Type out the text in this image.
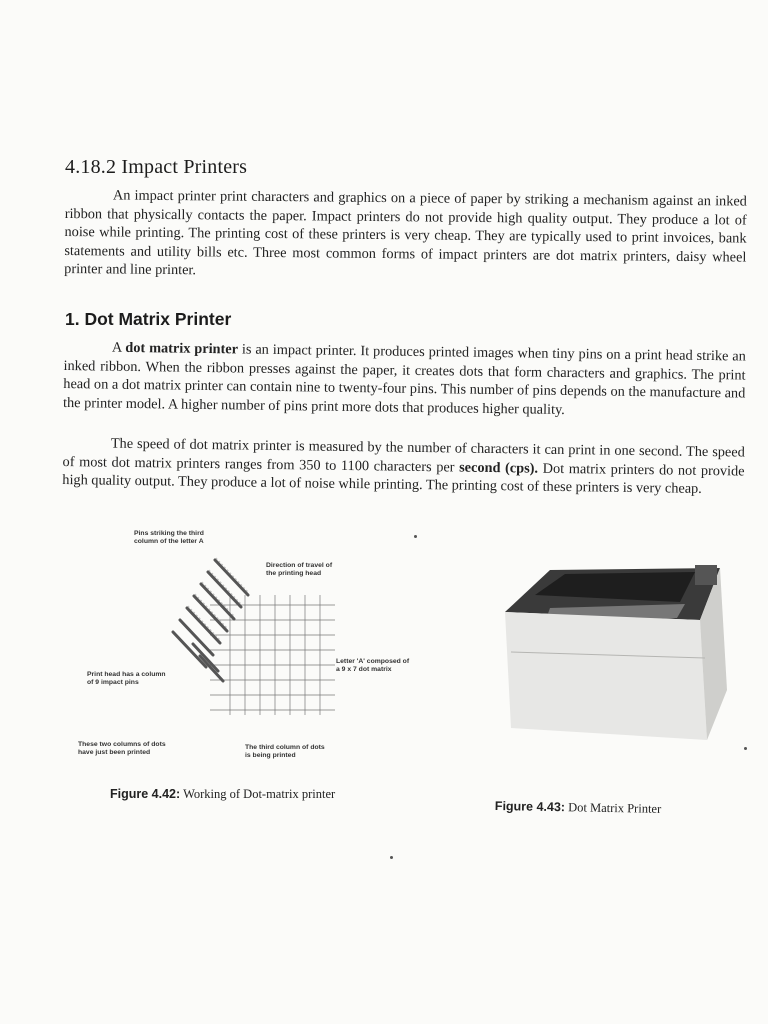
4.18.2 Impact Printers

An impact printer print characters and graphics on a piece of paper by striking a mechanism against an inked ribbon that physically contacts the paper. Impact printers do not provide high quality output. They produce a lot of noise while printing. The printing cost of these printers is very cheap. They are typically used to print invoices, bank statements and utility bills etc. Three most common forms of impact printers are dot matrix printers, daisy wheel printer and line printer.

1. Dot Matrix Printer

A dot matrix printer is an impact printer. It produces printed images when tiny pins on a print head strike an inked ribbon. When the ribbon presses against the paper, it creates dots that form characters and graphics. The print head on a dot matrix printer can contain nine to twenty-four pins. This number of pins depends on the manufacture and the printer model. A higher number of pins print more dots that produces higher quality.

The speed of dot matrix printer is measured by the number of characters it can print in one second. The speed of most dot matrix printers ranges from 350 to 1100 characters per second (cps). Dot matrix printers do not provide high quality output. They produce a lot of noise while printing. The printing cost of these printers is very cheap.

Pins striking the third
column of the letter A
Direction of travel of
the printing head
Letter 'A' composed of
a 9 x 7 dot matrix
Print head has a column
of 9 impact pins
These two columns of dots
have just been printed
The third column of dots
is being printed

Figure 4.42: Working of Dot-matrix printer

Figure 4.43: Dot Matrix Printer
